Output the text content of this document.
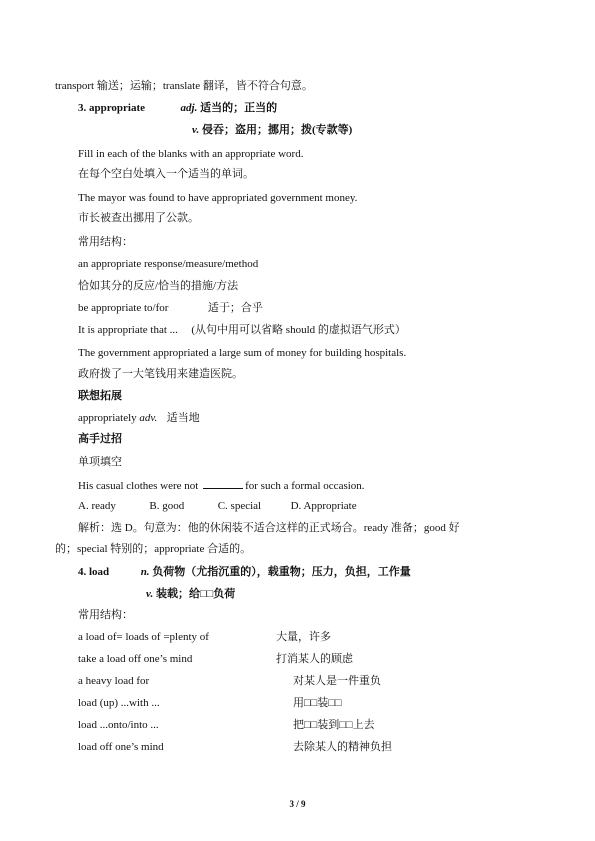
transport 输送；运输；translate 翻译，皆不符合句意。
3. appropriate	adj. 适当的；正当的
v. 侵吞；盗用；挪用；拨(专款等)
Fill in each of the blanks with an appropriate word.
在每个空白处填入一个适当的单词。
The mayor was found to have appropriated government money.
市长被查出挪用了公款。
常用结构：
an appropriate response/measure/method
恰如其分的反应/恰当的措施/方法
be appropriate to/for	适于；合乎
It is appropriate that ... (从句中用可以省略 should 的虚拟语气形式）
The government appropriated a large sum of money for building hospitals.
政府拨了一大笔钱用来建造医院。
联想拓展
appropriately adv. 适当地
高手过招
单项填空
His casual clothes were not	for such a formal occasion.
A. ready	B. good	C. special	D. Appropriate
解析：选 D。句意为：他的休闲装不适合这样的正式场合。ready 准备；good 好
的；special 特别的；appropriate 合适的。
4. load	n. 负荷物（尤指沉重的），载重物；压力，负担，工作量
v. 装载；给□□负荷
常用结构：
a load of= loads of =plenty of	大量，许多
take a load off one’s mind	打消某人的顾虑
a heavy load for	对某人是一件重负
load (up) ...with ...	用□□装□□
load ...onto/into ...	把□□装到□□上去
load off one’s mind	去除某人的精神负担
3 / 9
